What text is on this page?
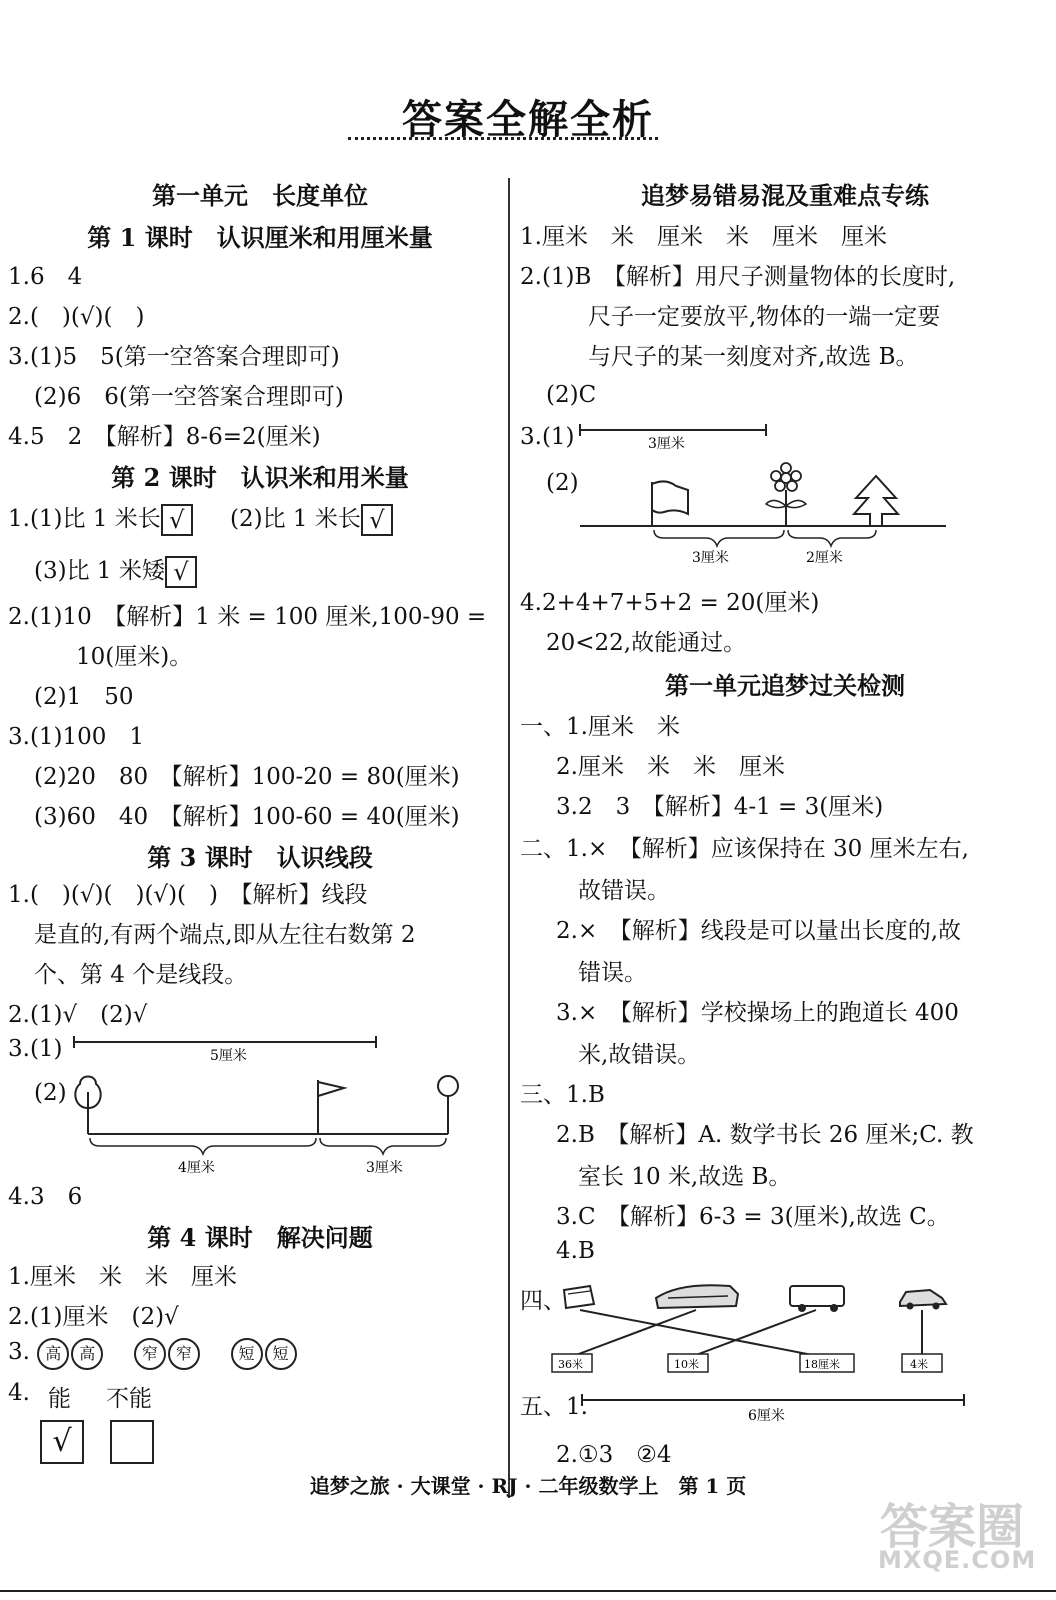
答案全解全析
第一单元　长度单位
第 1 课时　认识厘米和用厘米量
1.6　4
2.(　)(√)(　)
3.(1)5　5(第一空答案合理即可)
(2)6　6(第一空答案合理即可)
4.5　2　【解析】8-6=2(厘米)
第 2 课时　认识米和用米量
1.(1)比 1 米长 √	(2)比 1 米长 √
(3)比 1 米矮 √
2.(1)10　【解析】1 米 = 100 厘米,100-90 =
10(厘米)。
(2)1　50
3.(1)100　1
(2)20　80　【解析】100-20 = 80(厘米)
(3)60　40　【解析】100-60 = 40(厘米)
第 3 课时　认识线段
1.(　)(√)(　)(√)(　)　【解析】线段
是直的,有两个端点,即从左往右数第 2
个、第 4 个是线段。
2.(1)√　(2)√
3.(1)	5厘米
(2)
4厘米	3厘米
4.3　6
第 4 课时　解决问题
1.厘米　米　米　厘米
2.(1)厘米　(2)√
3. 高 高	窄 窄	短 短
4. 能 不能
√
追梦易错易混及重难点专练
1.厘米　米　厘米　米　厘米　厘米
2.(1)B　【解析】用尺子测量物体的长度时,
尺子一定要放平,物体的一端一定要
与尺子的某一刻度对齐,故选 B。
(2)C
3.(1)	3厘米
(2)
3厘米	2厘米
4.2+4+7+5+2 = 20(厘米)
20<22,故能通过。
第一单元追梦过关检测
一、1.厘米　米
2.厘米　米　米　厘米
3.2　3　【解析】4-1 = 3(厘米)
二、1.×　【解析】应该保持在 30 厘米左右,
故错误。
2.×　【解析】线段是可以量出长度的,故
错误。
3.×　【解析】学校操场上的跑道长 400
米,故错误。
三、1.B
2.B　【解析】A. 数学书长 26 厘米;C. 教
室长 10 米,故选 B。
3.C　【解析】6-3 = 3(厘米),故选 C。
4.B
四、
36米	10米	18厘米	4米
五、1.	6厘米
2.①3　②4
追梦之旅 · 大课堂 · RJ · 二年级数学上　第 1 页
答案圈
MXQE.COM
